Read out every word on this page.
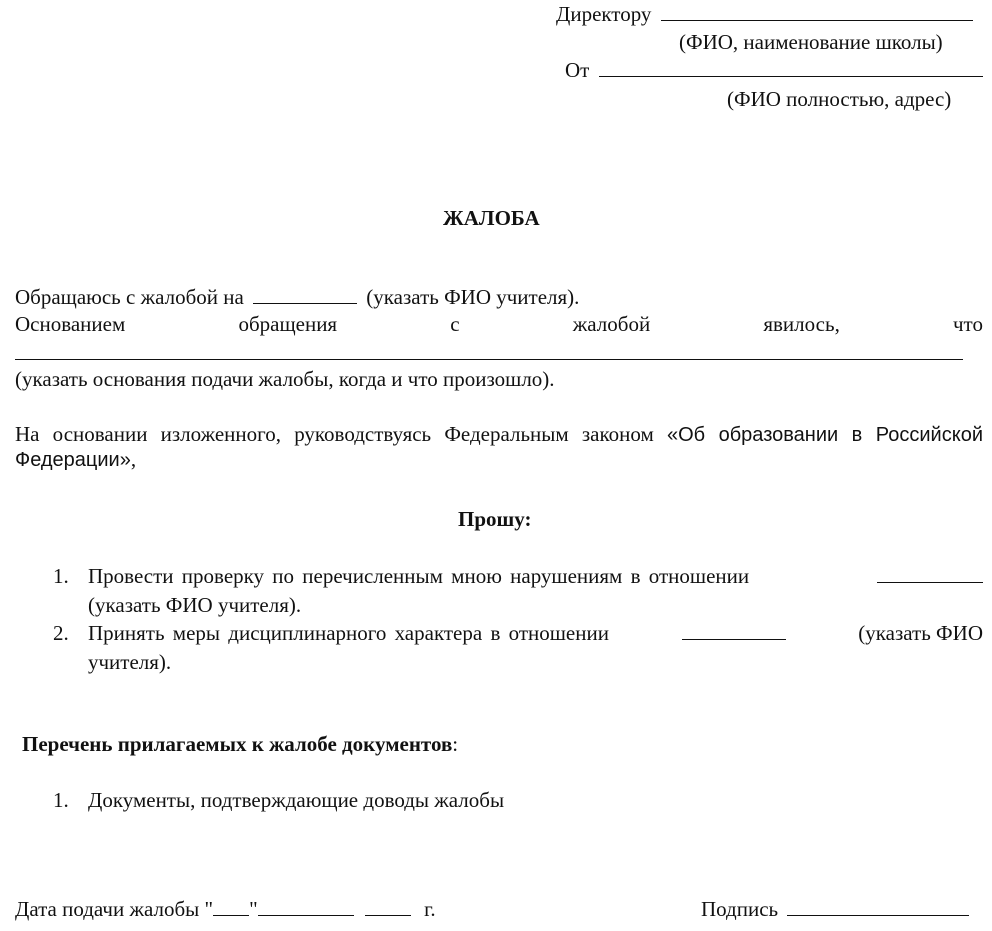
Директору
(ФИО, наименование школы)
От
(ФИО полностью, адрес)
ЖАЛОБА
Обращаюсь с жалобой на	(указать ФИО учителя).
Основанием	обращения	с	жалобой	явилось,	что
(указать основания подачи жалобы, когда и что произошло).
На основании изложенного, руководствуясь Федеральным законом «Об образовании в Российской Федерации»,
Прошу:
1. Провести проверку по перечисленным мною нарушениям в отношении
(указать ФИО учителя).
2. Принять меры дисциплинарного характера в отношении	(указать ФИО
учителя).
Перечень прилагаемых к жалобе документов:
1. Документы, подтверждающие доводы жалобы
Дата подачи жалобы " "	г.	Подпись
